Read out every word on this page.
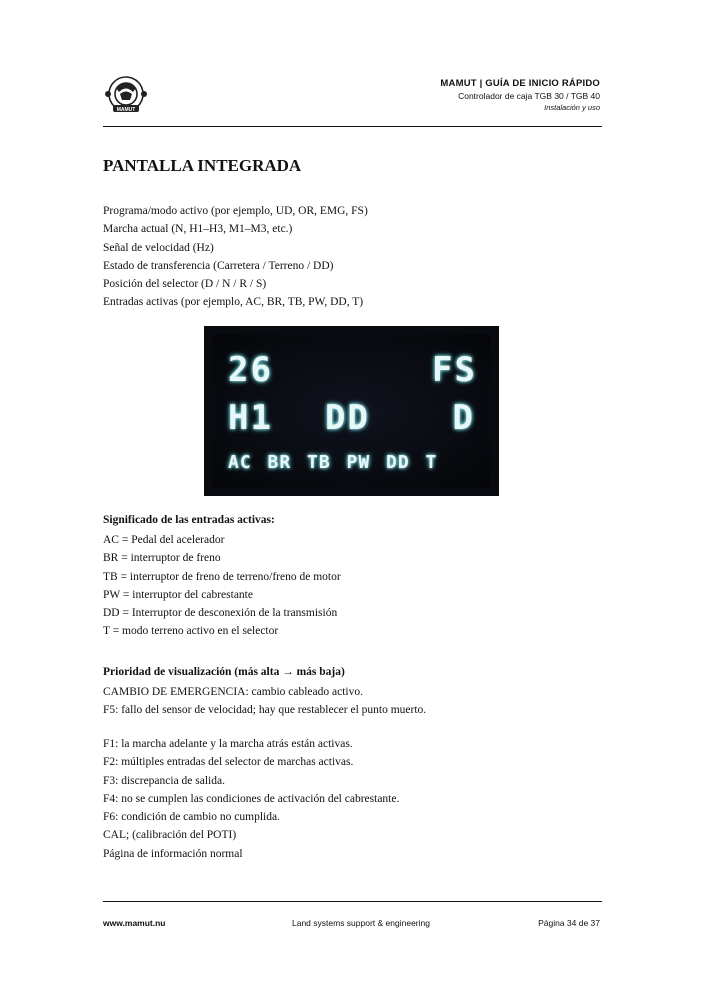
MAMUT
MAMUT | GUÍA DE INICIO RÁPIDO
Controlador de caja TGB 30 / TGB 40
Instalación y uso
PANTALLA INTEGRADA
Programa/modo activo (por ejemplo, UD, OR, EMG, FS)
Marcha actual (N, H1–H3, M1–M3, etc.)
Señal de velocidad (Hz)
Estado de transferencia (Carretera / Terreno / DD)
Posición del selector (D / N / R / S)
Entradas activas (por ejemplo, AC, BR, TB, PW, DD, T)
26	FS
H1 DD D
AC BR TB PW DD T
Significado de las entradas activas:
AC = Pedal del acelerador
BR = interruptor de freno
TB = interruptor de freno de terreno/freno de motor
PW = interruptor del cabrestante
DD = Interruptor de desconexión de la transmisión
T = modo terreno activo en el selector
Prioridad de visualización (más alta → más baja)
CAMBIO DE EMERGENCIA: cambio cableado activo.
F5: fallo del sensor de velocidad; hay que restablecer el punto muerto.
F1: la marcha adelante y la marcha atrás están activas.
F2: múltiples entradas del selector de marchas activas.
F3: discrepancia de salida.
F4: no se cumplen las condiciones de activación del cabrestante.
F6: condición de cambio no cumplida.
CAL; (calibración del POTI)
Página de información normal
www.mamut.nu	Land systems support & engineering	Página 34 de 37
